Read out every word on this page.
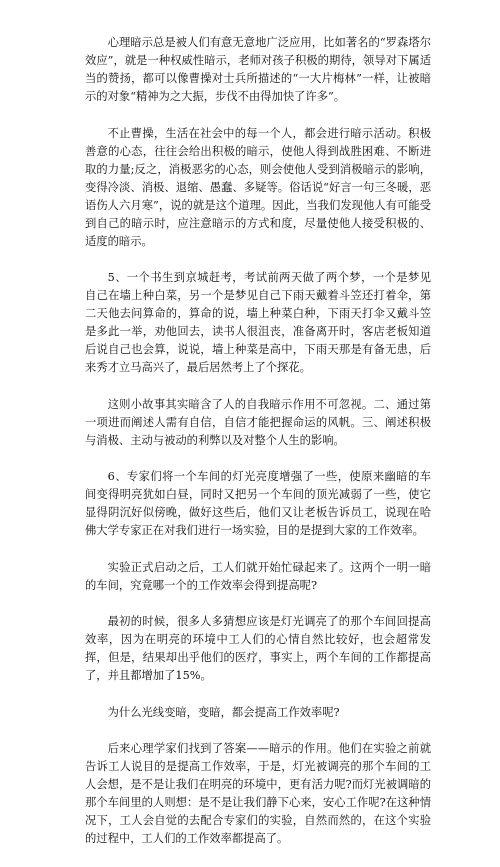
心理暗示总是被人们有意无意地广泛应用，比如著名的“罗森塔尔效应”，就是一种权威性暗示，老师对孩子积极的期待，领导对下属适当的赞扬，都可以像曹操对士兵所描述的“一大片梅林”一样，让被暗示的对象“精神为之大振，步伐不由得加快了许多”。

不止曹操，生活在社会中的每一个人，都会进行暗示活动。积极善意的心态，往往会给出积极的暗示，使他人得到战胜困难、不断进取的力量;反之，消极恶劣的心态，则会使他人受到消极暗示的影响，变得冷淡、消极、退缩、愚蠢、多疑等。俗话说“好言一句三冬暖，恶语伤人六月寒”，说的就是这个道理。因此，当我们发现他人有可能受到自己的暗示时，应注意暗示的方式和度，尽量使他人接受积极的、适度的暗示。

5、一个书生到京城赶考，考试前两天做了两个梦，一个是梦见自己在墙上种白菜，另一个是梦见自己下雨天戴着斗笠还打着伞，第二天他去问算命的，算命的说，墙上种菜白种，下雨天打伞又戴斗笠是多此一举，劝他回去，读书人很沮丧，准备离开时，客店老板知道后说自己也会算，说说，墙上种菜是高中，下雨天那是有备无患，后来秀才立马高兴了，最后居然考上了个探花。

这则小故事其实暗含了人的自我暗示作用不可忽视。二、通过第一项进而阐述人需有自信，自信才能把握命运的风帆。三、阐述积极与消极、主动与被动的利弊以及对整个人生的影响。

6、专家们将一个车间的灯光亮度增强了一些，使原来幽暗的车间变得明亮犹如白昼，同时又把另一个车间的顶光减弱了一些，使它显得阴沉好似傍晚，做好这些后，他们又让老板告诉员工，说现在哈佛大学专家正在对我们进行一场实验，目的是提到大家的工作效率。

实验正式启动之后，工人们就开始忙碌起来了。这两个一明一暗的车间，究竟哪一个的工作效率会得到提高呢?

最初的时候，很多人多猜想应该是灯光调亮了的那个车间回提高效率，因为在明亮的环境中工人们的心情自然比较好，也会超常发挥，但是，结果却出乎他们的医疗，事实上，两个车间的工作都提高了，并且都增加了15%。

为什么光线变暗，变暗，都会提高工作效率呢?

后来心理学家们找到了答案——暗示的作用。他们在实验之前就告诉工人说目的是提高工作效率，于是，灯光被调亮的那个车间的工人会想，是不是让我们在明亮的环境中，更有活力呢?而灯光被调暗的那个车间里的人则想：是不是让我们静下心来，安心工作呢?在这种情况下，工人会自觉的去配合专家们的实验，自然而然的，在这个实验的过程中，工人们的工作效率都提高了。
